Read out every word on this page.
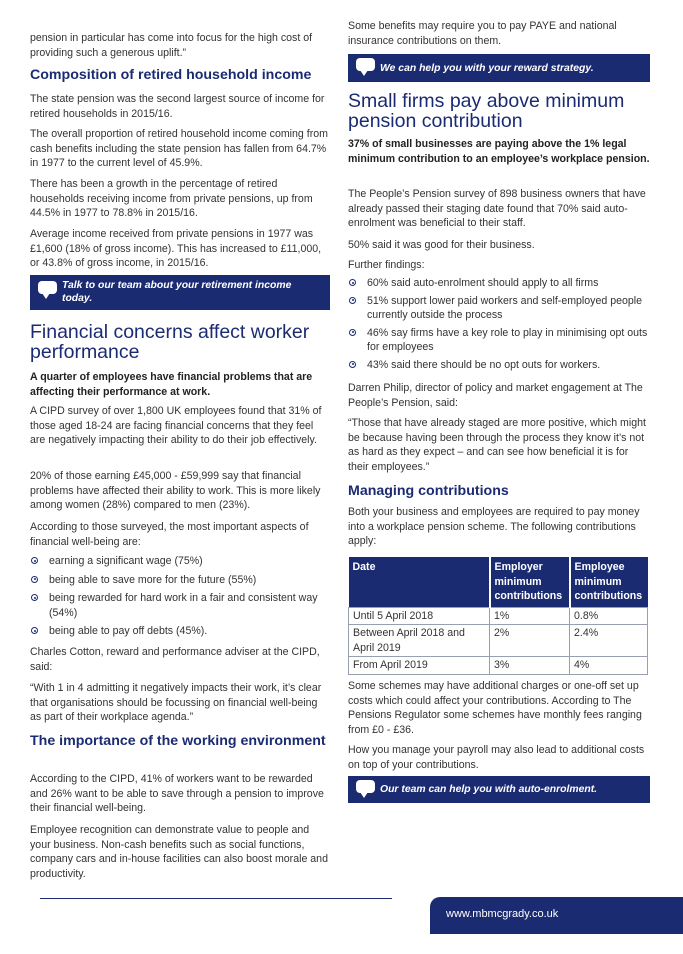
pension in particular has come into focus for the high cost of providing such a generous uplift.”

Composition of retired household income

The state pension was the second largest source of income for retired households in 2015/16.

The overall proportion of retired household income coming from cash benefits including the state pension has fallen from 64.7% in 1977 to the current level of 45.9%.

There has been a growth in the percentage of retired households receiving income from private pensions, up from 44.5% in 1977 to 78.8% in 2015/16.

Average income received from private pensions in 1977 was £1,600 (18% of gross income). This has increased to £11,000, or 43.8% of gross income, in 2015/16.

Talk to our team about your retirement income today.
Financial concerns affect worker performance

A quarter of employees have financial problems that are affecting their performance at work.

A CIPD survey of over 1,800 UK employees found that 31% of those aged 18-24 are facing financial concerns that they feel are negatively impacting their ability to do their job effectively.

20% of those earning £45,000 - £59,999 say that financial problems have affected their ability to work. This is more likely among women (28%) compared to men (23%).

According to those surveyed, the most important aspects of financial well-being are:

earning a significant wage (75%)
being able to save more for the future (55%)
being rewarded for hard work in a fair and consistent way (54%)
being able to pay off debts (45%).

Charles Cotton, reward and performance adviser at the CIPD, said:

“With 1 in 4 admitting it negatively impacts their work, it’s clear that organisations should be focussing on financial well-being as part of their workplace agenda.”

The importance of the working environment

According to the CIPD, 41% of workers want to be rewarded and 26% want to be able to save through a pension to improve their financial well-being.

Employee recognition can demonstrate value to people and your business. Non-cash benefits such as social functions, company cars and in-house facilities can also boost morale and productivity.

Some benefits may require you to pay PAYE and national insurance contributions on them.

We can help you with your reward strategy.
Small firms pay above minimum pension contribution

37% of small businesses are paying above the 1% legal minimum contribution to an employee’s workplace pension.

The People’s Pension survey of 898 business owners that have already passed their staging date found that 70% said auto-enrolment was beneficial to their staff.

50% said it was good for their business.

Further findings:

60% said auto-enrolment should apply to all firms
51% support lower paid workers and self-employed people currently outside the process
46% say firms have a key role to play in minimising opt outs for employees
43% said there should be no opt outs for workers.

Darren Philip, director of policy and market engagement at The People’s Pension, said:

“Those that have already staged are more positive, which might be because having been through the process they know it’s not as hard as they expect – and can see how beneficial it is for their employees.”

Managing contributions

Both your business and employees are required to pay money into a workplace pension scheme. The following contributions apply:

Date	Employer minimum contributions	Employee minimum contributions
Until 5 April 2018	1%	0.8%
Between April 2018 and April 2019	2%	2.4%
From April 2019	3%	4%

Some schemes may have additional charges or one-off set up costs which could affect your contributions. According to The Pensions Regulator some schemes have monthly fees ranging from £0 - £36.

How you manage your payroll may also lead to additional costs on top of your contributions.

Our team can help you with auto-enrolment.
www.mbmcgrady.co.uk
